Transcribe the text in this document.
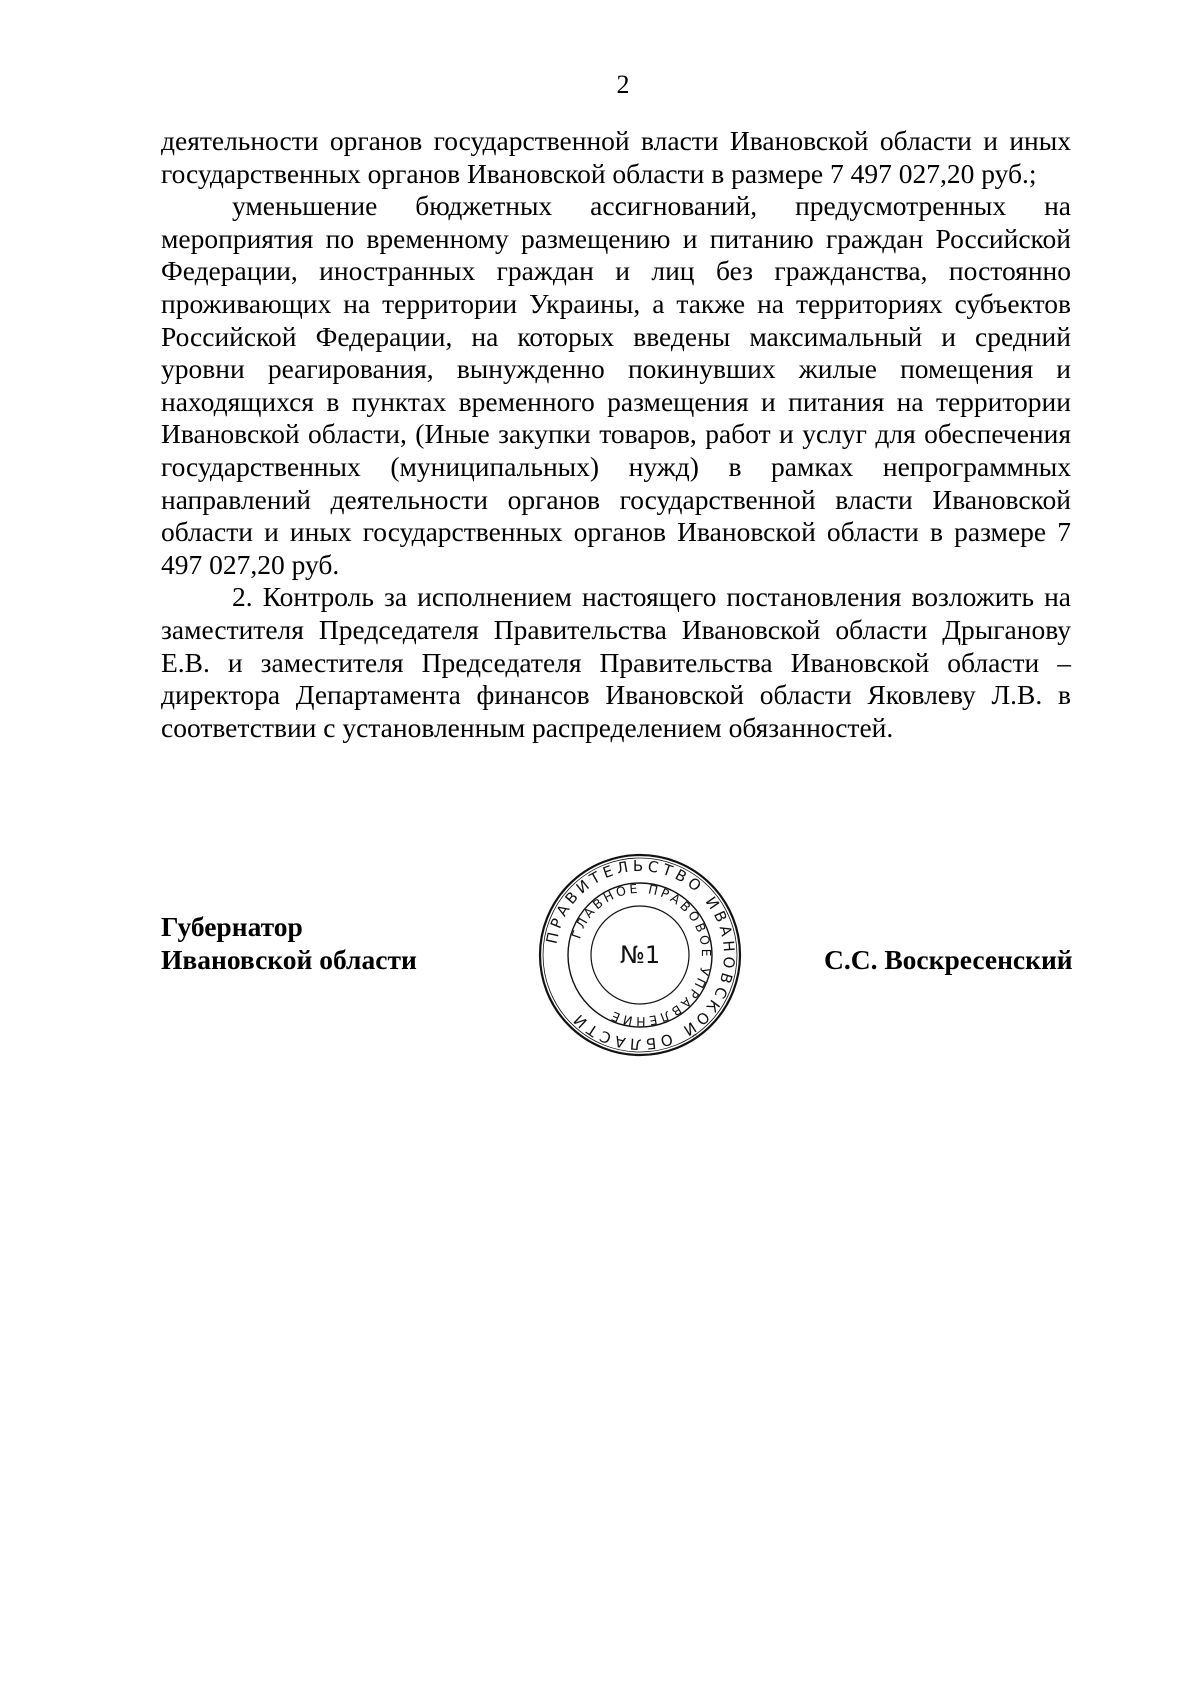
2

деятельности органов государственной власти Ивановской области и иных государственных органов Ивановской области в размере 7 497 027,20 руб.;

уменьшение бюджетных ассигнований, предусмотренных на мероприятия по временному размещению и питанию граждан Российской Федерации, иностранных граждан и лиц без гражданства, постоянно проживающих на территории Украины, а также на территориях субъектов Российской Федерации, на которых введены максимальный и средний уровни реагирования, вынужденно покинувших жилые помещения и находящихся в пунктах временного размещения и питания на территории Ивановской области, (Иные закупки товаров, работ и услуг для обеспечения государственных (муниципальных) нужд) в рамках непрограммных направлений деятельности органов государственной власти Ивановской области и иных государственных органов Ивановской области в размере 7 497 027,20 руб.

2. Контроль за исполнением настоящего постановления возложить на заместителя Председателя Правительства Ивановской области Дрыганову Е.В. и заместителя Председателя Правительства Ивановской области – директора Департамента финансов Ивановской области Яковлеву Л.В. в соответствии с установленным распределением обязанностей.

Губернатор
Ивановской области
ПРАВИТЕЛЬСТВО ИВАНОВСКОЙ ОБЛАСТИ
ГЛАВНОЕ ПРАВОВОЕ УПРАВЛЕНИЕ
№1	С.С. Воскресенский
